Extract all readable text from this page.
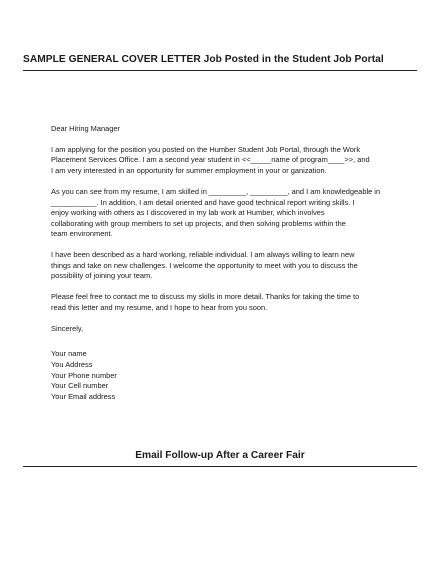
SAMPLE GENERAL COVER LETTER Job Posted in the Student Job Portal

Dear Hiring Manager

I am applying for the position you posted on the Humber Student Job Portal, through the Work
Placement Services Office. I am a second year student in <<_____name of program____>>, and
I am very interested in an opportunity for summer employment in your or ganization.

As you can see from my resume, I am skilled in _________, _________, and I am knowledgeable in
___________. In addition, I am detail oriented and have good technical report writing skills. I
enjoy working with others as I discovered in my lab work at Humber, which involves
collaborating with group members to set up projects, and then solving problems within the
team environment.

I have been described as a hard working, reliable individual. I am always willing to learn new
things and take on new challenges. I welcome the opportunity to meet with you to discuss the
possibility of joining your team.

Please feel free to contact me to discuss my skills in more detail. Thanks for taking the time to
read this letter and my resume, and I hope to hear from you soon.

Sincerely,

Your name
You Address
Your Phone number
Your Cell number
Your Email address
Email Follow-up After a Career Fair
